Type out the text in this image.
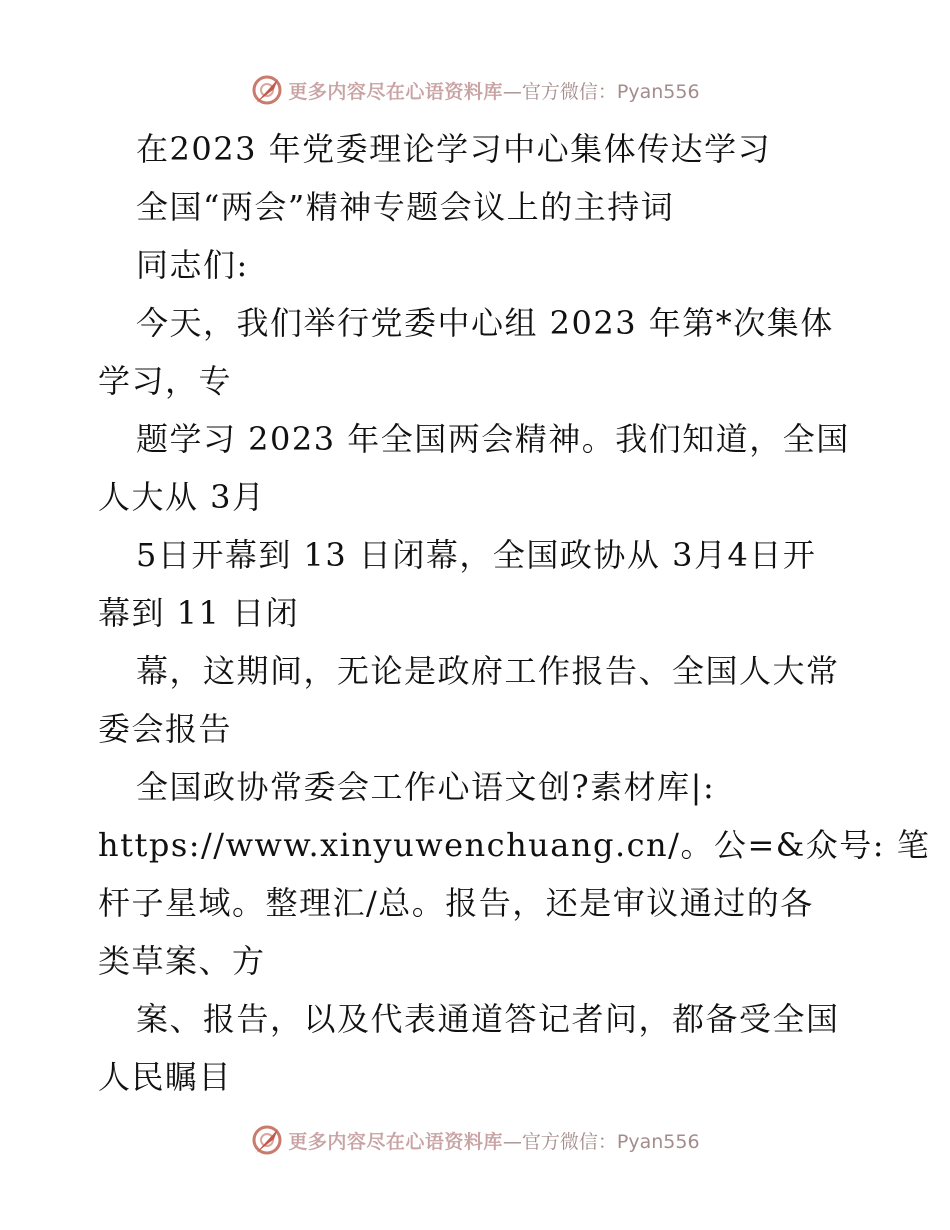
更多内容尽在心语资料库 —官方微信：Pyan556
在2023 年党委理论学习中心集体传达学习
全国“两会”精神专题会议上的主持词
同志们:
今天，我们举行党委中心组 2023 年第*次集体
学习，专
题学习 2023 年全国两会精神。我们知道，全国
人大从 3月
5日开幕到 13 日闭幕，全国政协从 3月4日开
幕到 11 日闭
幕，这期间，无论是政府工作报告、全国人大常
委会报告
全国政协常委会工作心语文创?素材库|:
https://www.xinyuwenchuang.cn/。公=&众号: 笔
杆子星域。整理汇/总。报告，还是审议通过的各
类草案、方
案、报告，以及代表通道答记者问，都备受全国
人民瞩目
更多内容尽在心语资料库 —官方微信：Pyan556
